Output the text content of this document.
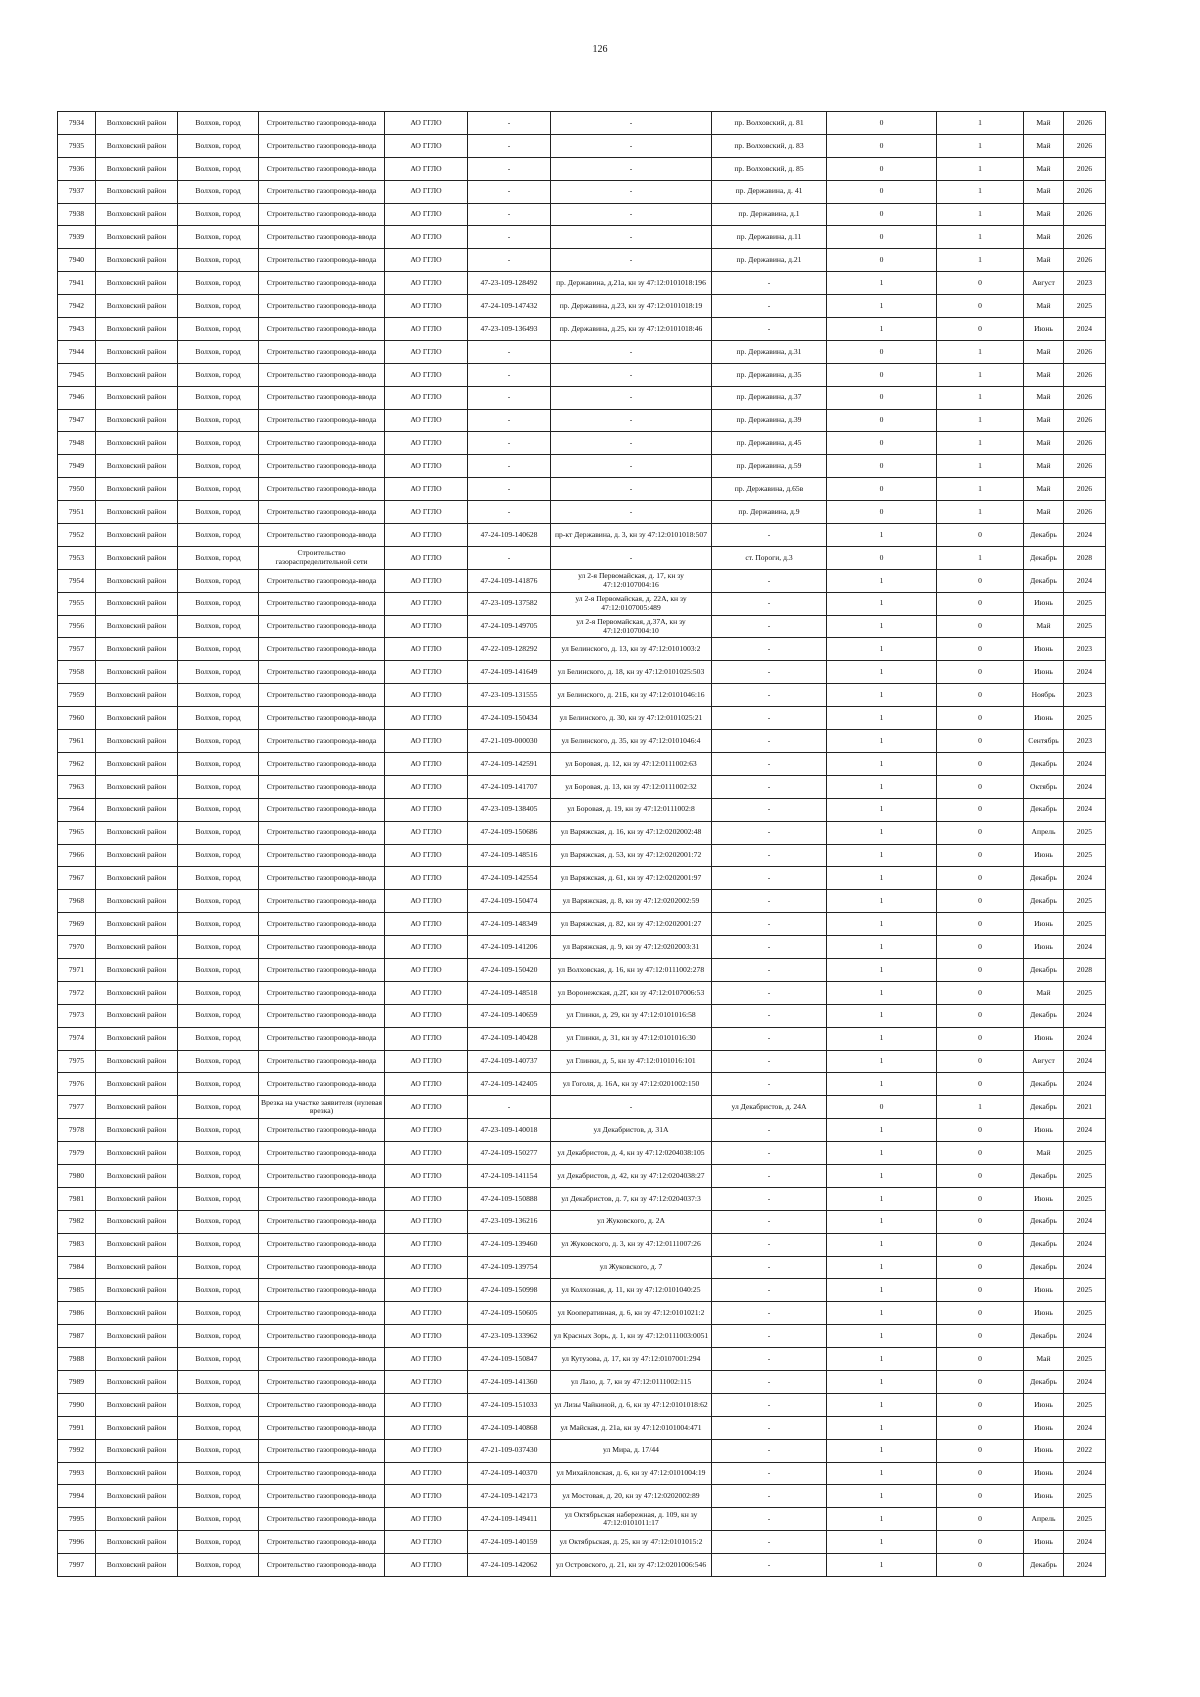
126
7934	Волховский район	Волхов, город	Строительство газопровода-ввода	АО ГГЛО	-	-	пр. Волховский, д. 81	0	1	Май	2026
7935	Волховский район	Волхов, город	Строительство газопровода-ввода	АО ГГЛО	-	-	пр. Волховский, д. 83	0	1	Май	2026
7936	Волховский район	Волхов, город	Строительство газопровода-ввода	АО ГГЛО	-	-	пр. Волховский, д. 85	0	1	Май	2026
7937	Волховский район	Волхов, город	Строительство газопровода-ввода	АО ГГЛО	-	-	пр. Державина, д. 41	0	1	Май	2026
7938	Волховский район	Волхов, город	Строительство газопровода-ввода	АО ГГЛО	-	-	пр. Державина, д.1	0	1	Май	2026
7939	Волховский район	Волхов, город	Строительство газопровода-ввода	АО ГГЛО	-	-	пр. Державина, д.11	0	1	Май	2026
7940	Волховский район	Волхов, город	Строительство газопровода-ввода	АО ГГЛО	-	-	пр. Державина, д.21	0	1	Май	2026
7941	Волховский район	Волхов, город	Строительство газопровода-ввода	АО ГГЛО	47-23-109-128492	пр. Державина, д.21а, кн зу 47:12:0101018:196	-	1	0	Август	2023
7942	Волховский район	Волхов, город	Строительство газопровода-ввода	АО ГГЛО	47-24-109-147432	пр. Державина, д.23, кн зу 47:12:0101018:19	-	1	0	Май	2025
7943	Волховский район	Волхов, город	Строительство газопровода-ввода	АО ГГЛО	47-23-109-136493	пр. Державина, д.25, кн зу 47:12:0101018:46	-	1	0	Июнь	2024
7944	Волховский район	Волхов, город	Строительство газопровода-ввода	АО ГГЛО	-	-	пр. Державина, д.31	0	1	Май	2026
7945	Волховский район	Волхов, город	Строительство газопровода-ввода	АО ГГЛО	-	-	пр. Державина, д.35	0	1	Май	2026
7946	Волховский район	Волхов, город	Строительство газопровода-ввода	АО ГГЛО	-	-	пр. Державина, д.37	0	1	Май	2026
7947	Волховский район	Волхов, город	Строительство газопровода-ввода	АО ГГЛО	-	-	пр. Державина, д.39	0	1	Май	2026
7948	Волховский район	Волхов, город	Строительство газопровода-ввода	АО ГГЛО	-	-	пр. Державина, д.45	0	1	Май	2026
7949	Волховский район	Волхов, город	Строительство газопровода-ввода	АО ГГЛО	-	-	пр. Державина, д.59	0	1	Май	2026
7950	Волховский район	Волхов, город	Строительство газопровода-ввода	АО ГГЛО	-	-	пр. Державина, д.65в	0	1	Май	2026
7951	Волховский район	Волхов, город	Строительство газопровода-ввода	АО ГГЛО	-	-	пр. Державина, д.9	0	1	Май	2026
7952	Волховский район	Волхов, город	Строительство газопровода-ввода	АО ГГЛО	47-24-109-140628	пр-кт Державина, д. 3, кн зу 47:12:0101018:507	-	1	0	Декабрь	2024
7953	Волховский район	Волхов, город	Строительство газораспределительной сети	АО ГГЛО	-	-	ст. Пороги, д.3	0	1	Декабрь	2028
7954	Волховский район	Волхов, город	Строительство газопровода-ввода	АО ГГЛО	47-24-109-141876	ул 2-я Первомайская, д. 17, кн зу 47:12:0107004:16	-	1	0	Декабрь	2024
7955	Волховский район	Волхов, город	Строительство газопровода-ввода	АО ГГЛО	47-23-109-137582	ул 2-я Первомайская, д. 22А, кн зу 47:12:0107005:489	-	1	0	Июнь	2025
7956	Волховский район	Волхов, город	Строительство газопровода-ввода	АО ГГЛО	47-24-109-149705	ул 2-я Первомайская, д.37А, кн зу 47:12:0107004:10	-	1	0	Май	2025
7957	Волховский район	Волхов, город	Строительство газопровода-ввода	АО ГГЛО	47-22-109-128292	ул Белинского, д. 13, кн зу 47:12:0101003:2	-	1	0	Июнь	2023
7958	Волховский район	Волхов, город	Строительство газопровода-ввода	АО ГГЛО	47-24-109-141649	ул Белинского, д. 18, кн зу 47:12:0101025:503	-	1	0	Июнь	2024
7959	Волховский район	Волхов, город	Строительство газопровода-ввода	АО ГГЛО	47-23-109-131555	ул Белинского, д. 21Б, кн зу 47:12:0101046:16	-	1	0	Ноябрь	2023
7960	Волховский район	Волхов, город	Строительство газопровода-ввода	АО ГГЛО	47-24-109-150434	ул Белинского, д. 30, кн зу 47:12:0101025:21	-	1	0	Июнь	2025
7961	Волховский район	Волхов, город	Строительство газопровода-ввода	АО ГГЛО	47-21-109-000030	ул Белинского, д. 35, кн зу 47:12:0101046:4	-	1	0	Сентябрь	2023
7962	Волховский район	Волхов, город	Строительство газопровода-ввода	АО ГГЛО	47-24-109-142591	ул Боровая, д. 12, кн зу 47:12:0111002:63	-	1	0	Декабрь	2024
7963	Волховский район	Волхов, город	Строительство газопровода-ввода	АО ГГЛО	47-24-109-141707	ул Боровая, д. 13, кн зу 47:12:0111002:32	-	1	0	Октябрь	2024
7964	Волховский район	Волхов, город	Строительство газопровода-ввода	АО ГГЛО	47-23-109-138405	ул Боровая, д. 19, кн зу 47:12:0111002:8	-	1	0	Декабрь	2024
7965	Волховский район	Волхов, город	Строительство газопровода-ввода	АО ГГЛО	47-24-109-150686	ул Варяжская, д. 16, кн зу 47:12:0202002:48	-	1	0	Апрель	2025
7966	Волховский район	Волхов, город	Строительство газопровода-ввода	АО ГГЛО	47-24-109-148516	ул Варяжская, д. 53, кн зу 47:12:0202001:72	-	1	0	Июнь	2025
7967	Волховский район	Волхов, город	Строительство газопровода-ввода	АО ГГЛО	47-24-109-142554	ул Варяжская, д. 61, кн зу 47:12:0202001:97	-	1	0	Декабрь	2024
7968	Волховский район	Волхов, город	Строительство газопровода-ввода	АО ГГЛО	47-24-109-150474	ул Варяжская, д. 8, кн зу 47:12:0202002:59	-	1	0	Декабрь	2025
7969	Волховский район	Волхов, город	Строительство газопровода-ввода	АО ГГЛО	47-24-109-148349	ул Варяжская, д. 82, кн зу 47:12:0202001:27	-	1	0	Июнь	2025
7970	Волховский район	Волхов, город	Строительство газопровода-ввода	АО ГГЛО	47-24-109-141206	ул Варяжская, д. 9, кн зу 47:12:0202003:31	-	1	0	Июнь	2024
7971	Волховский район	Волхов, город	Строительство газопровода-ввода	АО ГГЛО	47-24-109-150420	ул Волховская, д. 16, кн зу 47:12:0111002:278	-	1	0	Декабрь	2028
7972	Волховский район	Волхов, город	Строительство газопровода-ввода	АО ГГЛО	47-24-109-148518	ул Воронежская, д.2Г, кн зу 47:12:0107006:53	-	1	0	Май	2025
7973	Волховский район	Волхов, город	Строительство газопровода-ввода	АО ГГЛО	47-24-109-140659	ул Глинки, д. 29, кн зу 47:12:0101016:58	-	1	0	Декабрь	2024
7974	Волховский район	Волхов, город	Строительство газопровода-ввода	АО ГГЛО	47-24-109-140428	ул Глинки, д. 31, кн зу 47:12:0101016:30	-	1	0	Июнь	2024
7975	Волховский район	Волхов, город	Строительство газопровода-ввода	АО ГГЛО	47-24-109-140737	ул Глинки, д. 5, кн зу 47:12:0101016:101	-	1	0	Август	2024
7976	Волховский район	Волхов, город	Строительство газопровода-ввода	АО ГГЛО	47-24-109-142405	ул Гоголя, д. 16А, кн зу 47:12:0201002:150	-	1	0	Декабрь	2024
7977	Волховский район	Волхов, город	Врезка на участке заявителя (нулевая врезка)	АО ГГЛО	-	-	ул Декабристов, д. 24А	0	1	Декабрь	2021
7978	Волховский район	Волхов, город	Строительство газопровода-ввода	АО ГГЛО	47-23-109-140018	ул Декабристов, д. 31А	-	1	0	Июнь	2024
7979	Волховский район	Волхов, город	Строительство газопровода-ввода	АО ГГЛО	47-24-109-150277	ул Декабристов, д. 4, кн зу 47:12:0204038:105	-	1	0	Май	2025
7980	Волховский район	Волхов, город	Строительство газопровода-ввода	АО ГГЛО	47-24-109-141154	ул Декабристов, д. 42, кн зу 47:12:0204038:27	-	1	0	Декабрь	2025
7981	Волховский район	Волхов, город	Строительство газопровода-ввода	АО ГГЛО	47-24-109-150888	ул Декабристов, д. 7, кн зу 47:12:0204037:3	-	1	0	Июнь	2025
7982	Волховский район	Волхов, город	Строительство газопровода-ввода	АО ГГЛО	47-23-109-136216	ул Жуковского, д. 2А	-	1	0	Декабрь	2024
7983	Волховский район	Волхов, город	Строительство газопровода-ввода	АО ГГЛО	47-24-109-139460	ул Жуковского, д. 3, кн зу 47:12:0111007:26	-	1	0	Декабрь	2024
7984	Волховский район	Волхов, город	Строительство газопровода-ввода	АО ГГЛО	47-24-109-139754	ул Жуковского, д. 7	-	1	0	Декабрь	2024
7985	Волховский район	Волхов, город	Строительство газопровода-ввода	АО ГГЛО	47-24-109-150998	ул Колхозная, д. 11, кн зу 47:12:0101040:25	-	1	0	Июнь	2025
7986	Волховский район	Волхов, город	Строительство газопровода-ввода	АО ГГЛО	47-24-109-150605	ул Кооперативная, д. 6, кн зу 47:12:0101021:2	-	1	0	Июнь	2025
7987	Волховский район	Волхов, город	Строительство газопровода-ввода	АО ГГЛО	47-23-109-133962	ул Красных Зорь, д. 1, кн зу 47:12:0111003:0051	-	1	0	Декабрь	2024
7988	Волховский район	Волхов, город	Строительство газопровода-ввода	АО ГГЛО	47-24-109-150847	ул Кутузова, д. 17, кн зу 47:12:0107001:294	-	1	0	Май	2025
7989	Волховский район	Волхов, город	Строительство газопровода-ввода	АО ГГЛО	47-24-109-141360	ул Лазо, д. 7, кн зу 47:12:0111002:115	-	1	0	Декабрь	2024
7990	Волховский район	Волхов, город	Строительство газопровода-ввода	АО ГГЛО	47-24-109-151033	ул Лизы Чайкиной, д. 6, кн зу 47:12:0101018:62	-	1	0	Июнь	2025
7991	Волховский район	Волхов, город	Строительство газопровода-ввода	АО ГГЛО	47-24-109-140868	ул Майская, д. 21а, кн зу 47:12:0101004:471	-	1	0	Июнь	2024
7992	Волховский район	Волхов, город	Строительство газопровода-ввода	АО ГГЛО	47-21-109-037430	ул Мира, д. 17/44	-	1	0	Июнь	2022
7993	Волховский район	Волхов, город	Строительство газопровода-ввода	АО ГГЛО	47-24-109-140370	ул Михайловская, д. 6, кн зу 47:12:0101004:19	-	1	0	Июнь	2024
7994	Волховский район	Волхов, город	Строительство газопровода-ввода	АО ГГЛО	47-24-109-142173	ул Мостовая, д. 20, кн зу 47:12:0202002:89	-	1	0	Июнь	2025
7995	Волховский район	Волхов, город	Строительство газопровода-ввода	АО ГГЛО	47-24-109-149411	ул Октябрьская набережная, д. 109, кн зу 47:12:0101011:17	-	1	0	Апрель	2025
7996	Волховский район	Волхов, город	Строительство газопровода-ввода	АО ГГЛО	47-24-109-140159	ул Октябрьская, д. 25, кн зу 47:12:0101015:2	-	1	0	Июнь	2024
7997	Волховский район	Волхов, город	Строительство газопровода-ввода	АО ГГЛО	47-24-109-142062	ул Островского, д. 21, кн зу 47:12:0201006:546	-	1	0	Декабрь	2024
